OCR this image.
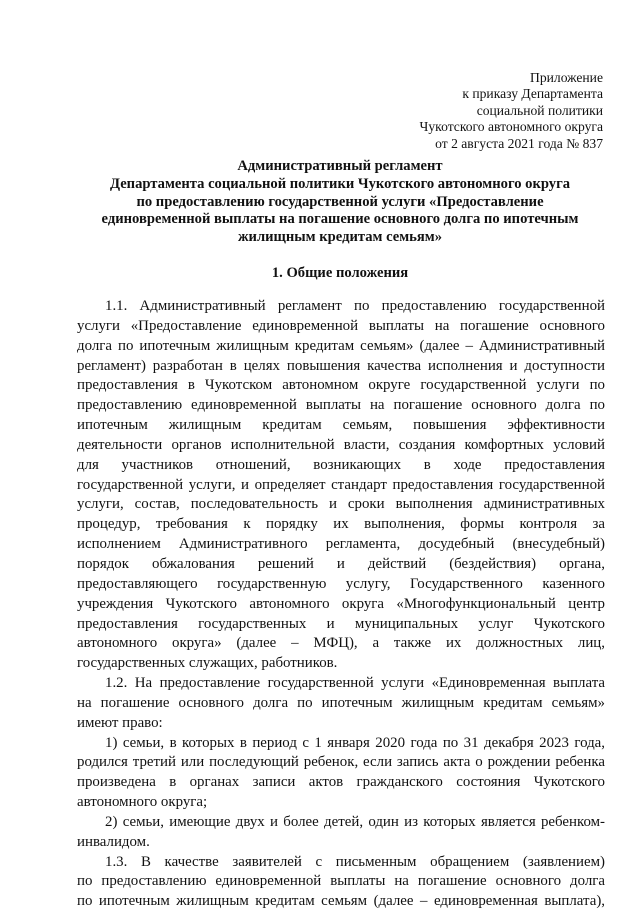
Приложение
к приказу Департамента
социальной политики
Чукотского автономного округа
от 2 августа 2021 года № 837
Административный регламент
Департамента социальной политики Чукотского автономного округа
по предоставлению государственной услуги «Предоставление
единовременной выплаты на погашение основного долга по ипотечным
жилищным кредитам семьям»
1. Общие положения
1.1. Административный регламент по предоставлению государственной
услуги «Предоставление единовременной выплаты на погашение основного
долга по ипотечным жилищным кредитам семьям» (далее – Административный
регламент) разработан в целях повышения качества исполнения и доступности
предоставления в Чукотском автономном округе государственной услуги по
предоставлению единовременной выплаты на погашение основного долга по
ипотечным жилищным кредитам семьям, повышения эффективности
деятельности органов исполнительной власти, создания комфортных условий
для участников отношений, возникающих в ходе предоставления
государственной услуги, и определяет стандарт предоставления государственной
услуги, состав, последовательность и сроки выполнения административных
процедур, требования к порядку их выполнения, формы контроля за
исполнением Административного регламента, досудебный (внесудебный)
порядок обжалования решений и действий (бездействия) органа,
предоставляющего государственную услугу, Государственного казенного
учреждения Чукотского автономного округа «Многофункциональный центр
предоставления государственных и муниципальных услуг Чукотского
автономного округа» (далее – МФЦ), а также их должностных лиц,
государственных служащих, работников.
1.2. На предоставление государственной услуги «Единовременная выплата
на погашение основного долга по ипотечным жилищным кредитам семьям»
имеют право:
1) семьи, в которых в период с 1 января 2020 года по 31 декабря 2023 года,
родился третий или последующий ребенок, если запись акта о рождении ребенка
произведена в органах записи актов гражданского состояния Чукотского
автономного округа;
2) семьи, имеющие двух и более детей, один из которых является ребенком-
инвалидом.
1.3. В качестве заявителей с письменным обращением (заявлением)
по предоставлению единовременной выплаты на погашение основного долга
по ипотечным жилищным кредитам семьям (далее – единовременная выплата),
